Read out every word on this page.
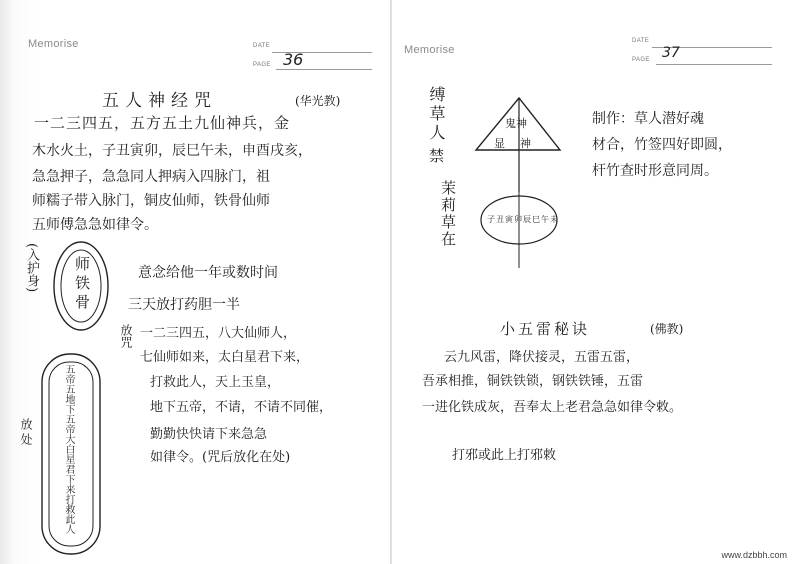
Memorise	DATE
PAGE 36
五人神经咒	(华光教)
一二三四五，五方五土九仙神兵，金
木水火土，子丑寅卯，辰巳午未，申酉戌亥，
急急押子，急急同人押病入四脉门，祖
师糯子带入脉门，铜皮仙师，铁骨仙师
五师傅急急如律令。
(入护身) 师铁骨	意念给他一年或数时间
三天放打药胆一半
放咒 一二三四五，八大仙师人，
七仙师如来，太白星君下来，
打救此人，天上玉皇，
地下五帝，不请，不请不同催，
勤勤快快请下来急急
如律令。(咒后放化在处)
五帝五地下五帝大白星君下来打救此人
放处
Memorise
DATE
PAGE 37
缚草人
禁
茉莉草在
鬼神
显 神
子丑寅卯辰巳午未
制作：草人潜好魂
材合，竹签四好即圆，
杆竹查时形意同周。
小五雷秘诀	(佛教)
云九风雷，降伏接灵，五雷五雷，
吾承相推，铜铁铁锁，钢铁铁锤，五雷
一进化铁成灰，吾奉太上老君急急如律令敕。
打邪或此上打邪敕
www.dzbbh.com
